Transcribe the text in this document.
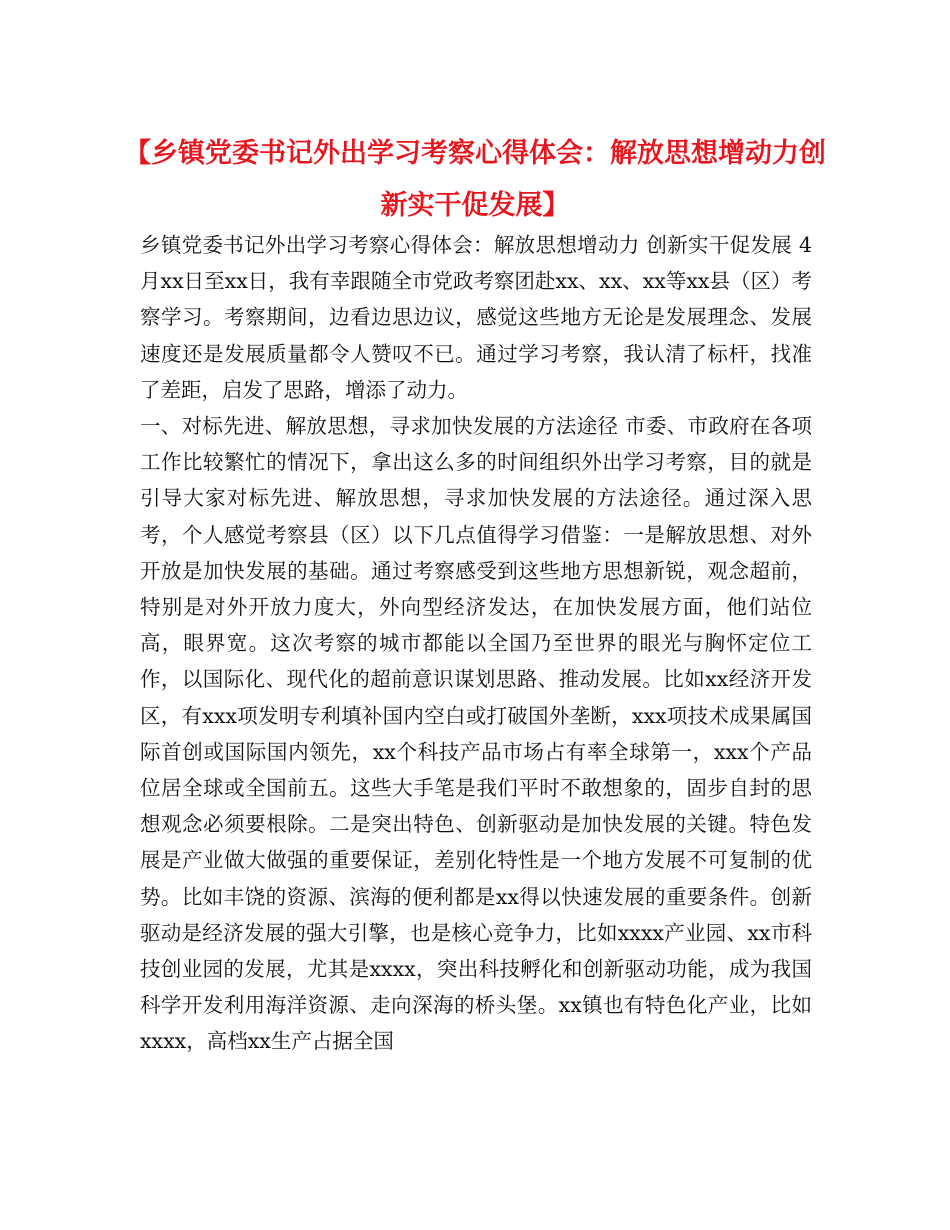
【乡镇党委书记外出学习考察心得体会：解放思想增动力创新实干促发展】

乡镇党委书记外出学习考察心得体会：解放思想增动力 创新实干促发展 4月xx日至xx日，我有幸跟随全市党政考察团赴xx、xx、xx等xx县（区）考察学习。考察期间，边看边思边议，感觉这些地方无论是发展理念、发展速度还是发展质量都令人赞叹不已。通过学习考察，我认清了标杆，找准了差距，启发了思路，增添了动力。

一、对标先进、解放思想，寻求加快发展的方法途径 市委、市政府在各项工作比较繁忙的情况下，拿出这么多的时间组织外出学习考察，目的就是引导大家对标先进、解放思想，寻求加快发展的方法途径。通过深入思考，个人感觉考察县（区）以下几点值得学习借鉴：一是解放思想、对外开放是加快发展的基础。通过考察感受到这些地方思想新锐，观念超前，特别是对外开放力度大，外向型经济发达，在加快发展方面，他们站位高，眼界宽。这次考察的城市都能以全国乃至世界的眼光与胸怀定位工作，以国际化、现代化的超前意识谋划思路、推动发展。比如xx经济开发区，有xxx项发明专利填补国内空白或打破国外垄断，xxx项技术成果属国际首创或国际国内领先，xx个科技产品市场占有率全球第一，xxx个产品位居全球或全国前五。这些大手笔是我们平时不敢想象的，固步自封的思想观念必须要根除。二是突出特色、创新驱动是加快发展的关键。特色发展是产业做大做强的重要保证，差别化特性是一个地方发展不可复制的优势。比如丰饶的资源、滨海的便利都是xx得以快速发展的重要条件。创新驱动是经济发展的强大引擎，也是核心竞争力，比如xxxx产业园、xx市科技创业园的发展，尤其是xxxx，突出科技孵化和创新驱动功能，成为我国科学开发利用海洋资源、走向深海的桥头堡。xx镇也有特色化产业，比如xxxx，高档xx生产占据全国
